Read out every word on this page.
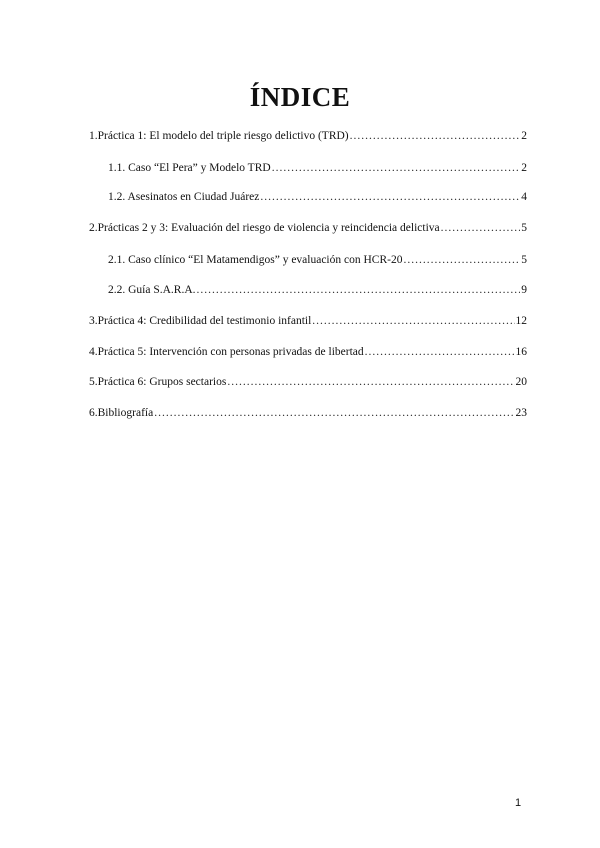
ÍNDICE
1. Práctica 1: El modelo del triple riesgo delictivo (TRD) .....	2
1.1. Caso “El Pera” y Modelo TRD .....	2
1.2. Asesinatos en Ciudad Juárez .....	4
2. Prácticas 2 y 3: Evaluación del riesgo de violencia y reincidencia delictiva .....	5
2.1. Caso clínico “El Matamendigos” y evaluación con HCR-20 .....	5
2.2. Guía S.A.R.A. .....	9
3. Práctica 4: Credibilidad del testimonio infantil .....	12
4. Práctica 5: Intervención con personas privadas de libertad .....	16
5. Práctica 6: Grupos sectarios .....	20
6. Bibliografía .....	23
1
